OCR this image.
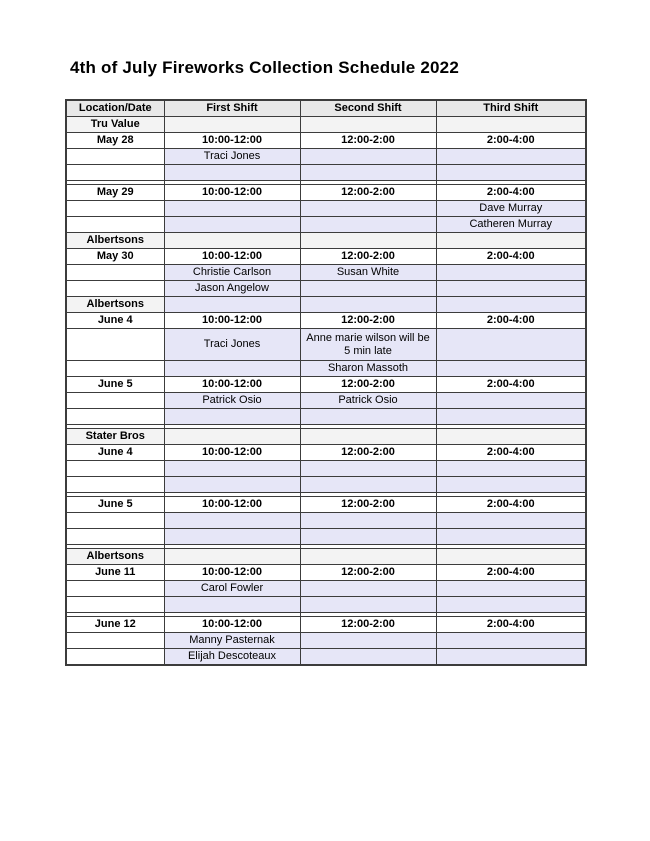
4th of July Fireworks Collection Schedule 2022
Location/Date	First Shift	Second Shift	Third Shift
Tru Value			
May 28	10:00-12:00	12:00-2:00	2:00-4:00
	Traci Jones		

May 29	10:00-12:00	12:00-2:00	2:00-4:00
			Dave Murray
			Catheren Murray
Albertsons			
May 30	10:00-12:00	12:00-2:00	2:00-4:00
	Christie Carlson	Susan White	
	Jason Angelow		
Albertsons			
June 4	10:00-12:00	12:00-2:00	2:00-4:00
	Traci Jones	Anne marie wilson will be 5 min late	
		Sharon Massoth	
June 5	10:00-12:00	12:00-2:00	2:00-4:00
	Patrick Osio	Patrick Osio	

Stater Bros			
June 4	10:00-12:00	12:00-2:00	2:00-4:00

June 5	10:00-12:00	12:00-2:00	2:00-4:00

Albertsons			
June 11	10:00-12:00	12:00-2:00	2:00-4:00
	Carol Fowler		

June 12	10:00-12:00	12:00-2:00	2:00-4:00
	Manny Pasternak		
	Elijah Descoteaux		
